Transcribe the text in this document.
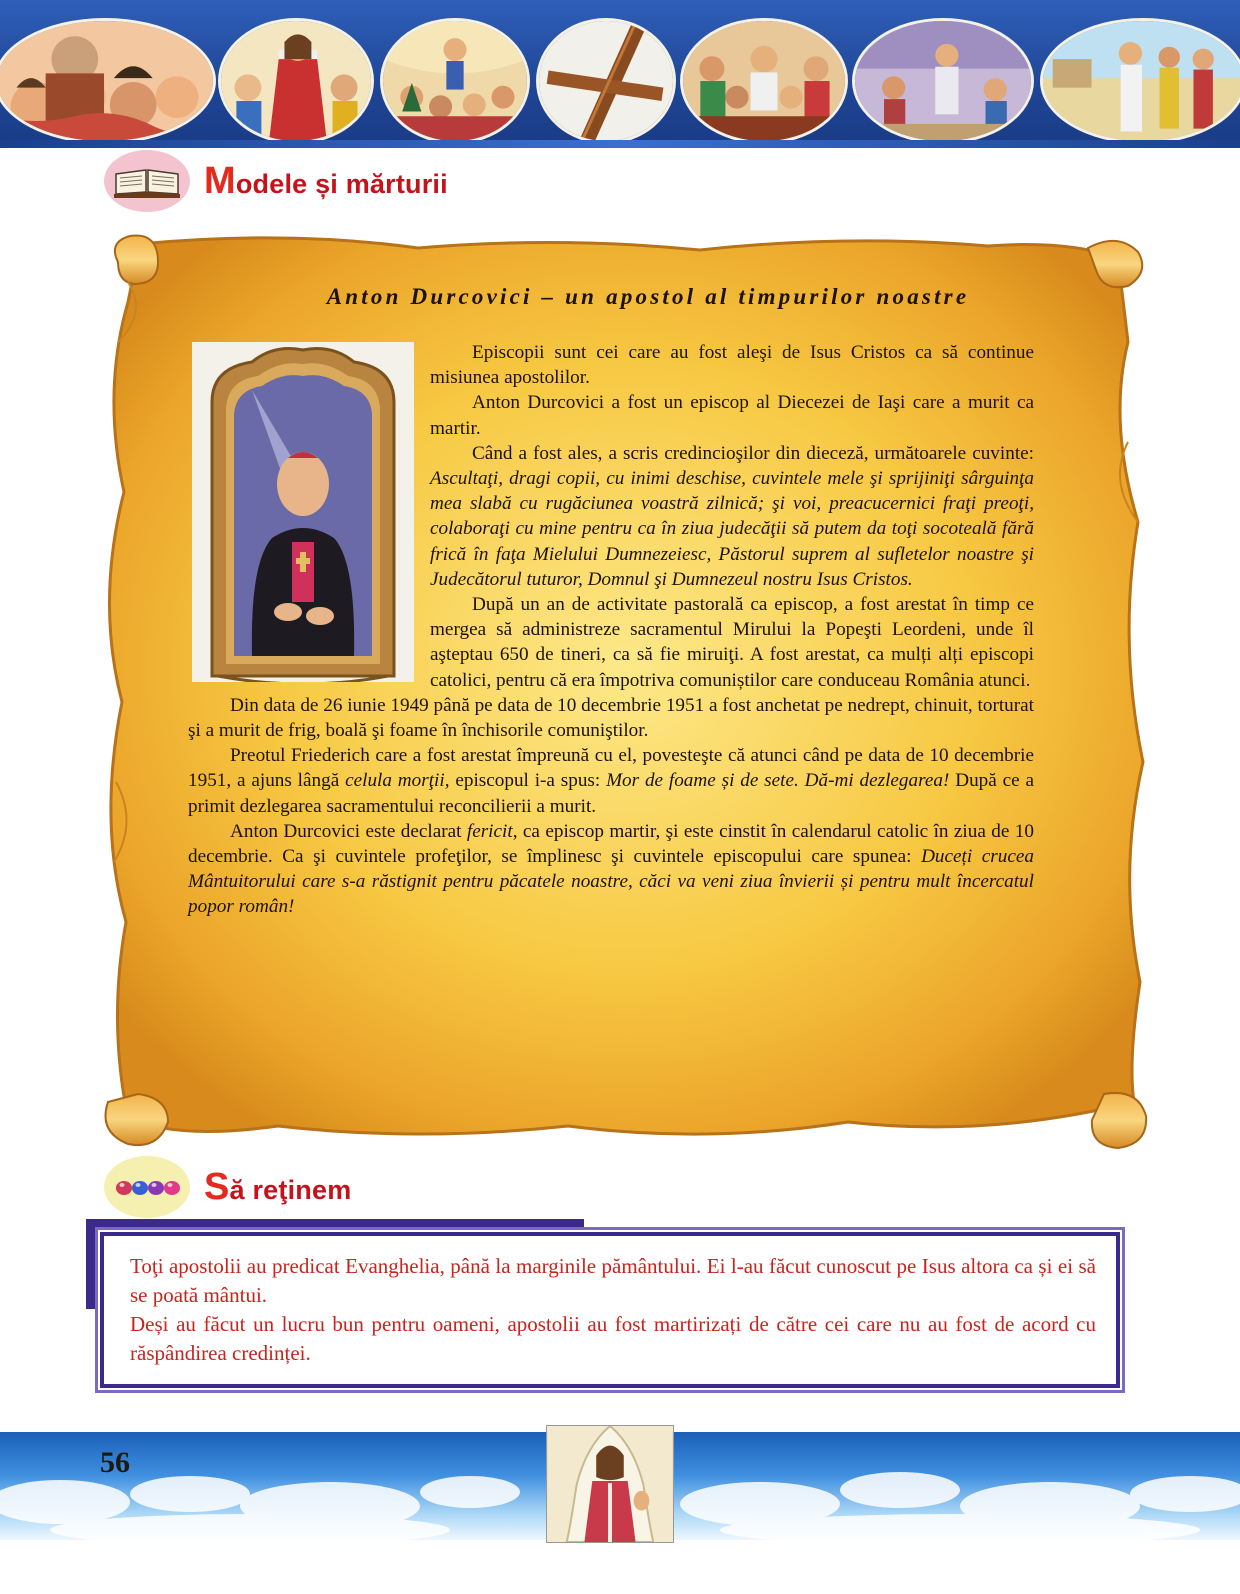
Modele și mărturii
Anton Durcovici – un apostol al timpurilor noastre

Episcopii sunt cei care au fost aleşi de Isus Cristos ca să continue misiunea apostolilor.

Anton Durcovici a fost un episcop al Diecezei de Iaşi care a murit ca martir.

Când a fost ales, a scris credincioşilor din dieceză, următoarele cuvinte: Ascultaţi, dragi copii, cu inimi deschise, cuvintele mele şi sprijiniţi sârguinţa mea slabă cu rugăciunea voastră zilnică; şi voi, preacucernici fraţi preoţi, colaboraţi cu mine pentru ca în ziua judecăţii să putem da toţi socoteală fără frică în faţa Mielului Dumnezeiesc, Păstorul suprem al sufletelor noastre şi Judecătorul tuturor, Domnul şi Dumnezeul nostru Isus Cristos.

După un an de activitate pastorală ca episcop, a fost arestat în timp ce mergea să administreze sacramentul Mirului la Popeşti Leordeni, unde îl aşteptau 650 de tineri, ca să fie miruiţi. A fost arestat, ca mulți alți episcopi catolici, pentru că era împotriva comuniștilor care conduceau România atunci.

Din data de 26 iunie 1949 până pe data de 10 decembrie 1951 a fost anchetat pe nedrept, chinuit, torturat şi a murit de frig, boală şi foame în închisorile comuniştilor.

Preotul Friederich care a fost arestat împreună cu el, povesteşte că atunci când pe data de 10 decembrie 1951, a ajuns lângă celula morţii, episcopul i-a spus: Mor de foame și de sete. Dă-mi dezlegarea! După ce a primit dezlegarea sacramentului reconcilierii a murit.

Anton Durcovici este declarat fericit, ca episcop martir, şi este cinstit în calendarul catolic în ziua de 10 decembrie. Ca şi cuvintele profeţilor, se împlinesc şi cuvintele episcopului care spunea: Duceți crucea Mântuitorului care s-a răstignit pentru păcatele noastre, căci va veni ziua învierii și pentru mult încercatul popor român!

Să reţinem
Toţi apostolii au predicat Evanghelia, până la marginile pământului. Ei l-au făcut cunoscut pe Isus altora ca și ei să se poată mântui.
Deși au făcut un lucru bun pentru oameni, apostolii au fost martirizați de către cei care nu au fost de acord cu răspândirea credinței.
56
